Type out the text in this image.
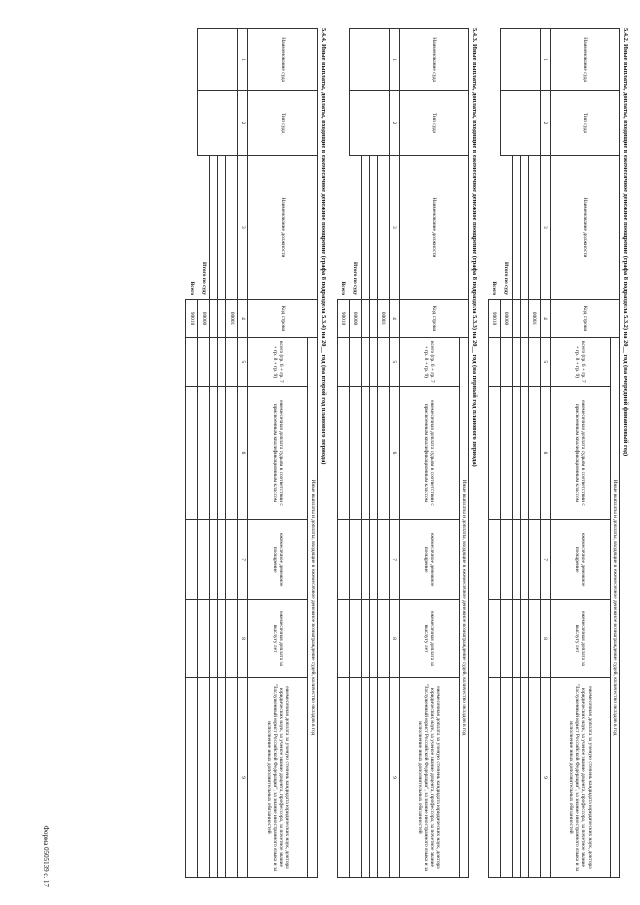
5.4.2. Иные выплаты, доплаты, входящие в ежемесячное денежное поощрение (графа 8 подраздела 5.3.2) на 20__ год (на очередной финансовый год)
Наименование суда	Тип суда	Наименование должности	Код строки	Иные выплаты и доплаты, входящие в ежемесячное денежное вознаграждение судей, количество окладов в год				
				всего (гр. 6 + гр. 7 + гр. 8 + гр. 9)	ежемесячная доплата судьям в соответствии с присвоенным квалификационным классом	ежемесячное денежное поощрение	ежемесячная доплата за выслугу лет	ежемесячная доплата за ученую степень кандидата юридических наук, доктора юридических наук, за ученое звание доцента, профессора, за почетное звание "Заслуженный юрист Российской Федерации", за знание иностранного языка и за исполнение иных дополнительных обязанностей
1	2	3	4	5	6	7	8	9
			00001					

		Итого по суду	00000					
		Всего	90010					
5.4.3. Иные выплаты, доплаты, входящие в ежемесячное денежное поощрение (графа 8 подраздела 5.3.3) на 20__ год (на первый год планового периода)
Наименование суда	Тип суда	Наименование должности	Код строки	Иные выплаты и доплаты, входящие в ежемесячное денежное вознаграждение судей, количество окладов в год				
				всего (гр. 6 + гр. 7 + гр. 8 + гр. 9)	ежемесячная доплата судьям в соответствии с присвоенным квалификационным классом	ежемесячное денежное поощрение	ежемесячная доплата за выслугу лет	ежемесячная доплата за ученую степень кандидата юридических наук, доктора юридических наук, за ученое звание доцента, профессора, за почетное звание "Заслуженный юрист Российской Федерации", за знание иностранного языка и за исполнение иных дополнительных обязанностей
1	2	3	4	5	6	7	8	9
			00001					

		Итого по суду	00000					
		Всего	90010					
5.4.4. Иные выплаты, доплаты, входящие в ежемесячное денежное поощрение (графа 8 подраздела 5.3.4) на 20__ год (на второй год планового периода)
Наименование суда	Тип суда	Наименование должности	Код строки	Иные выплаты и доплаты, входящие в ежемесячное денежное вознаграждение судей, количество окладов в год				
				всего (гр. 6 + гр. 7 + гр. 8 + гр. 9)	ежемесячная доплата судьям в соответствии с присвоенным квалификационным классом	ежемесячное денежное поощрение	ежемесячная доплата за выслугу лет	ежемесячная доплата за ученую степень кандидата юридических наук, доктора юридических наук, за ученое звание доцента, профессора, за почетное звание "Заслуженный юрист Российской Федерации", за знание иностранного языка и за исполнение иных дополнительных обязанностей
1	2	3	4	5	6	7	8	9
			00001					

		Итого по суду	00000					
		Всего	90010					
Форма 0505139 с. 17
